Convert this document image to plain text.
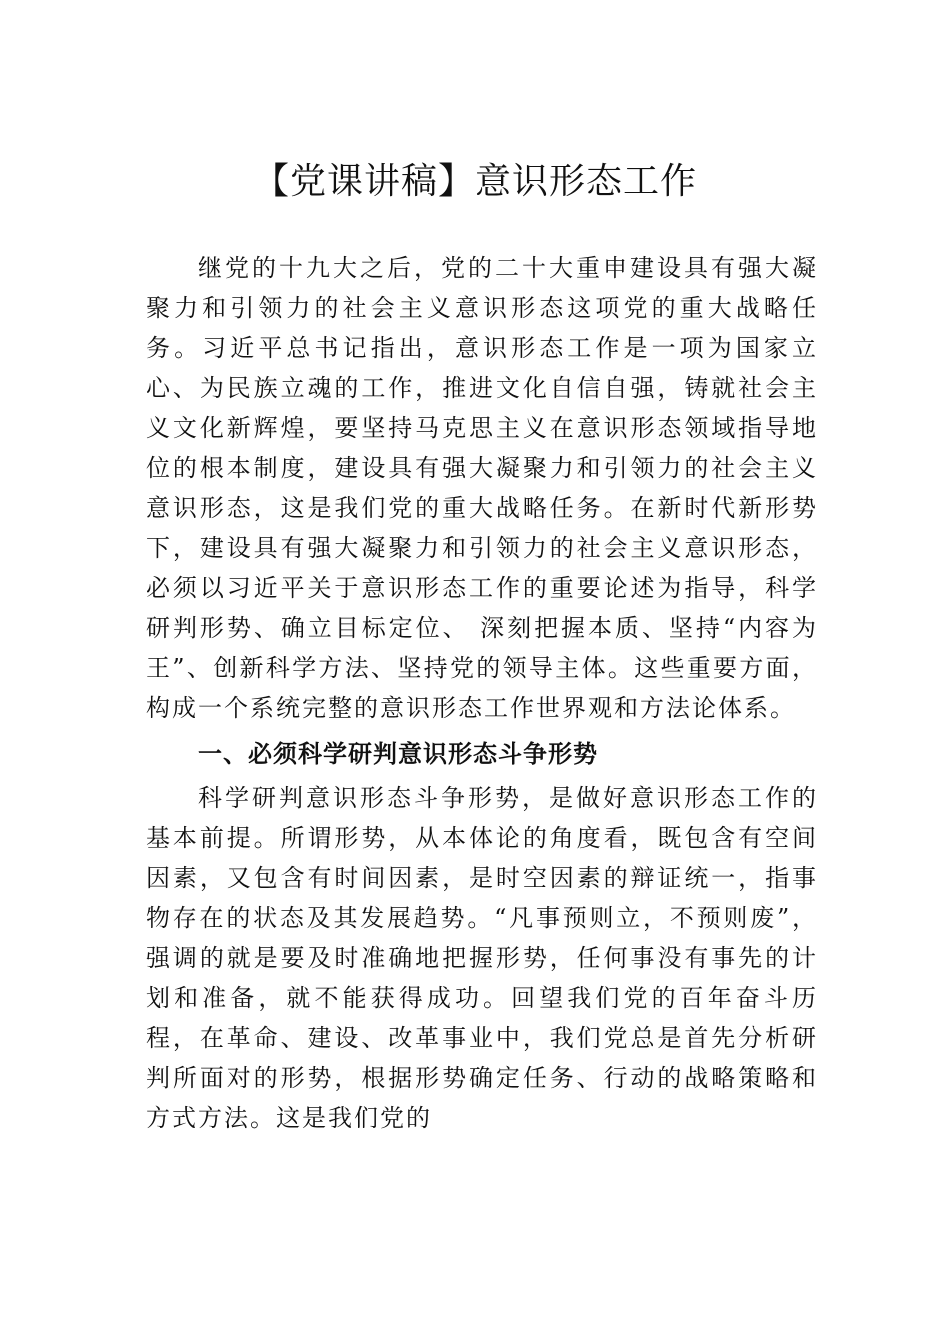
【党课讲稿】意识形态工作

继党的十九大之后，党的二十大重申建设具有强大凝聚力和引领力的社会主义意识形态这项党的重大战略任务。习近平总书记指出，意识形态工作是一项为国家立心、为民族立魂的工作，推进文化自信自强，铸就社会主义文化新辉煌，要坚持马克思主义在意识形态领域指导地位的根本制度，建设具有强大凝聚力和引领力的社会主义意识形态，这是我们党的重大战略任务。在新时代新形势下，建设具有强大凝聚力和引领力的社会主义意识形态，必须以习近平关于意识形态工作的重要论述为指导，科学研判形势、确立目标定位、 深刻把握本质、坚持“内容为王”、创新科学方法、坚持党的领导主体。这些重要方面，构成一个系统完整的意识形态工作世界观和方法论体系。

一、必须科学研判意识形态斗争形势

科学研判意识形态斗争形势，是做好意识形态工作的基本前提。所谓形势，从本体论的角度看，既包含有空间因素，又包含有时间因素，是时空因素的辩证统一，指事物存在的状态及其发展趋势。“凡事预则立，不预则废”，强调的就是要及时准确地把握形势，任何事没有事先的计划和准备，就不能获得成功。回望我们党的百年奋斗历程，在革命、建设、改革事业中，我们党总是首先分析研判所面对的形势，根据形势确定任务、行动的战略策略和方式方法。这是我们党的
